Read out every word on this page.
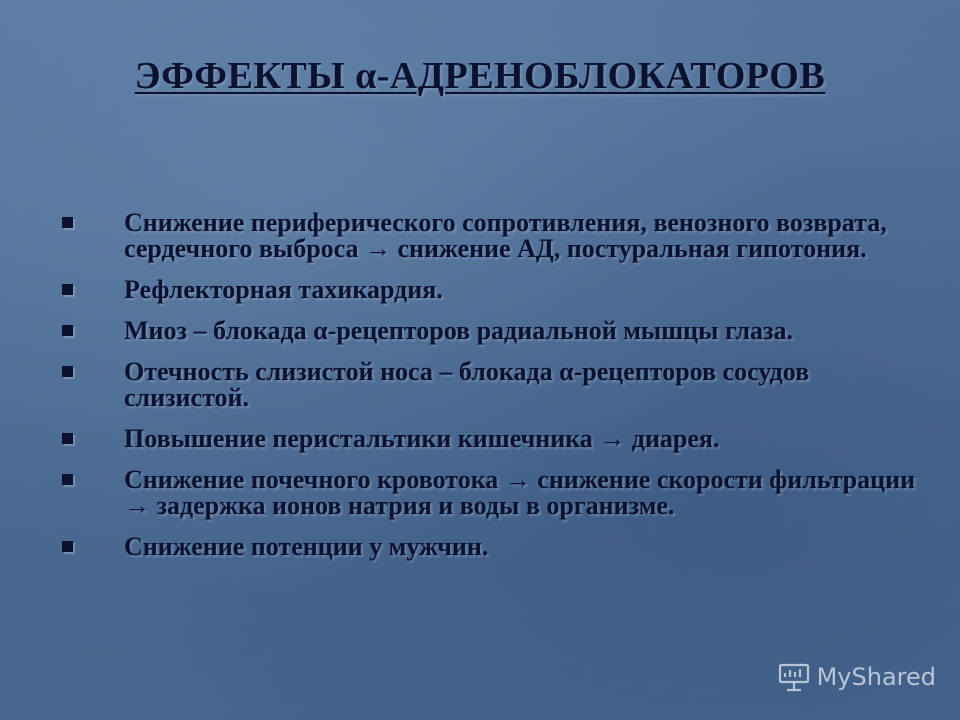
ЭФФЕКТЫ α-АДРЕНОБЛОКАТОРОВ
Снижение периферического сопротивления, венозного возврата, сердечного выброса → снижение АД, постуральная гипотония.
Рефлекторная тахикардия.
Миоз – блокада α-рецепторов радиальной мышцы глаза.
Отечность слизистой носа – блокада α-рецепторов сосудов слизистой.
Повышение перистальтики кишечника → диарея.
Снижение почечного кровотока → снижение скорости фильтрации → задержка ионов натрия и воды в организме.
Снижение потенции у мужчин.
MyShared
